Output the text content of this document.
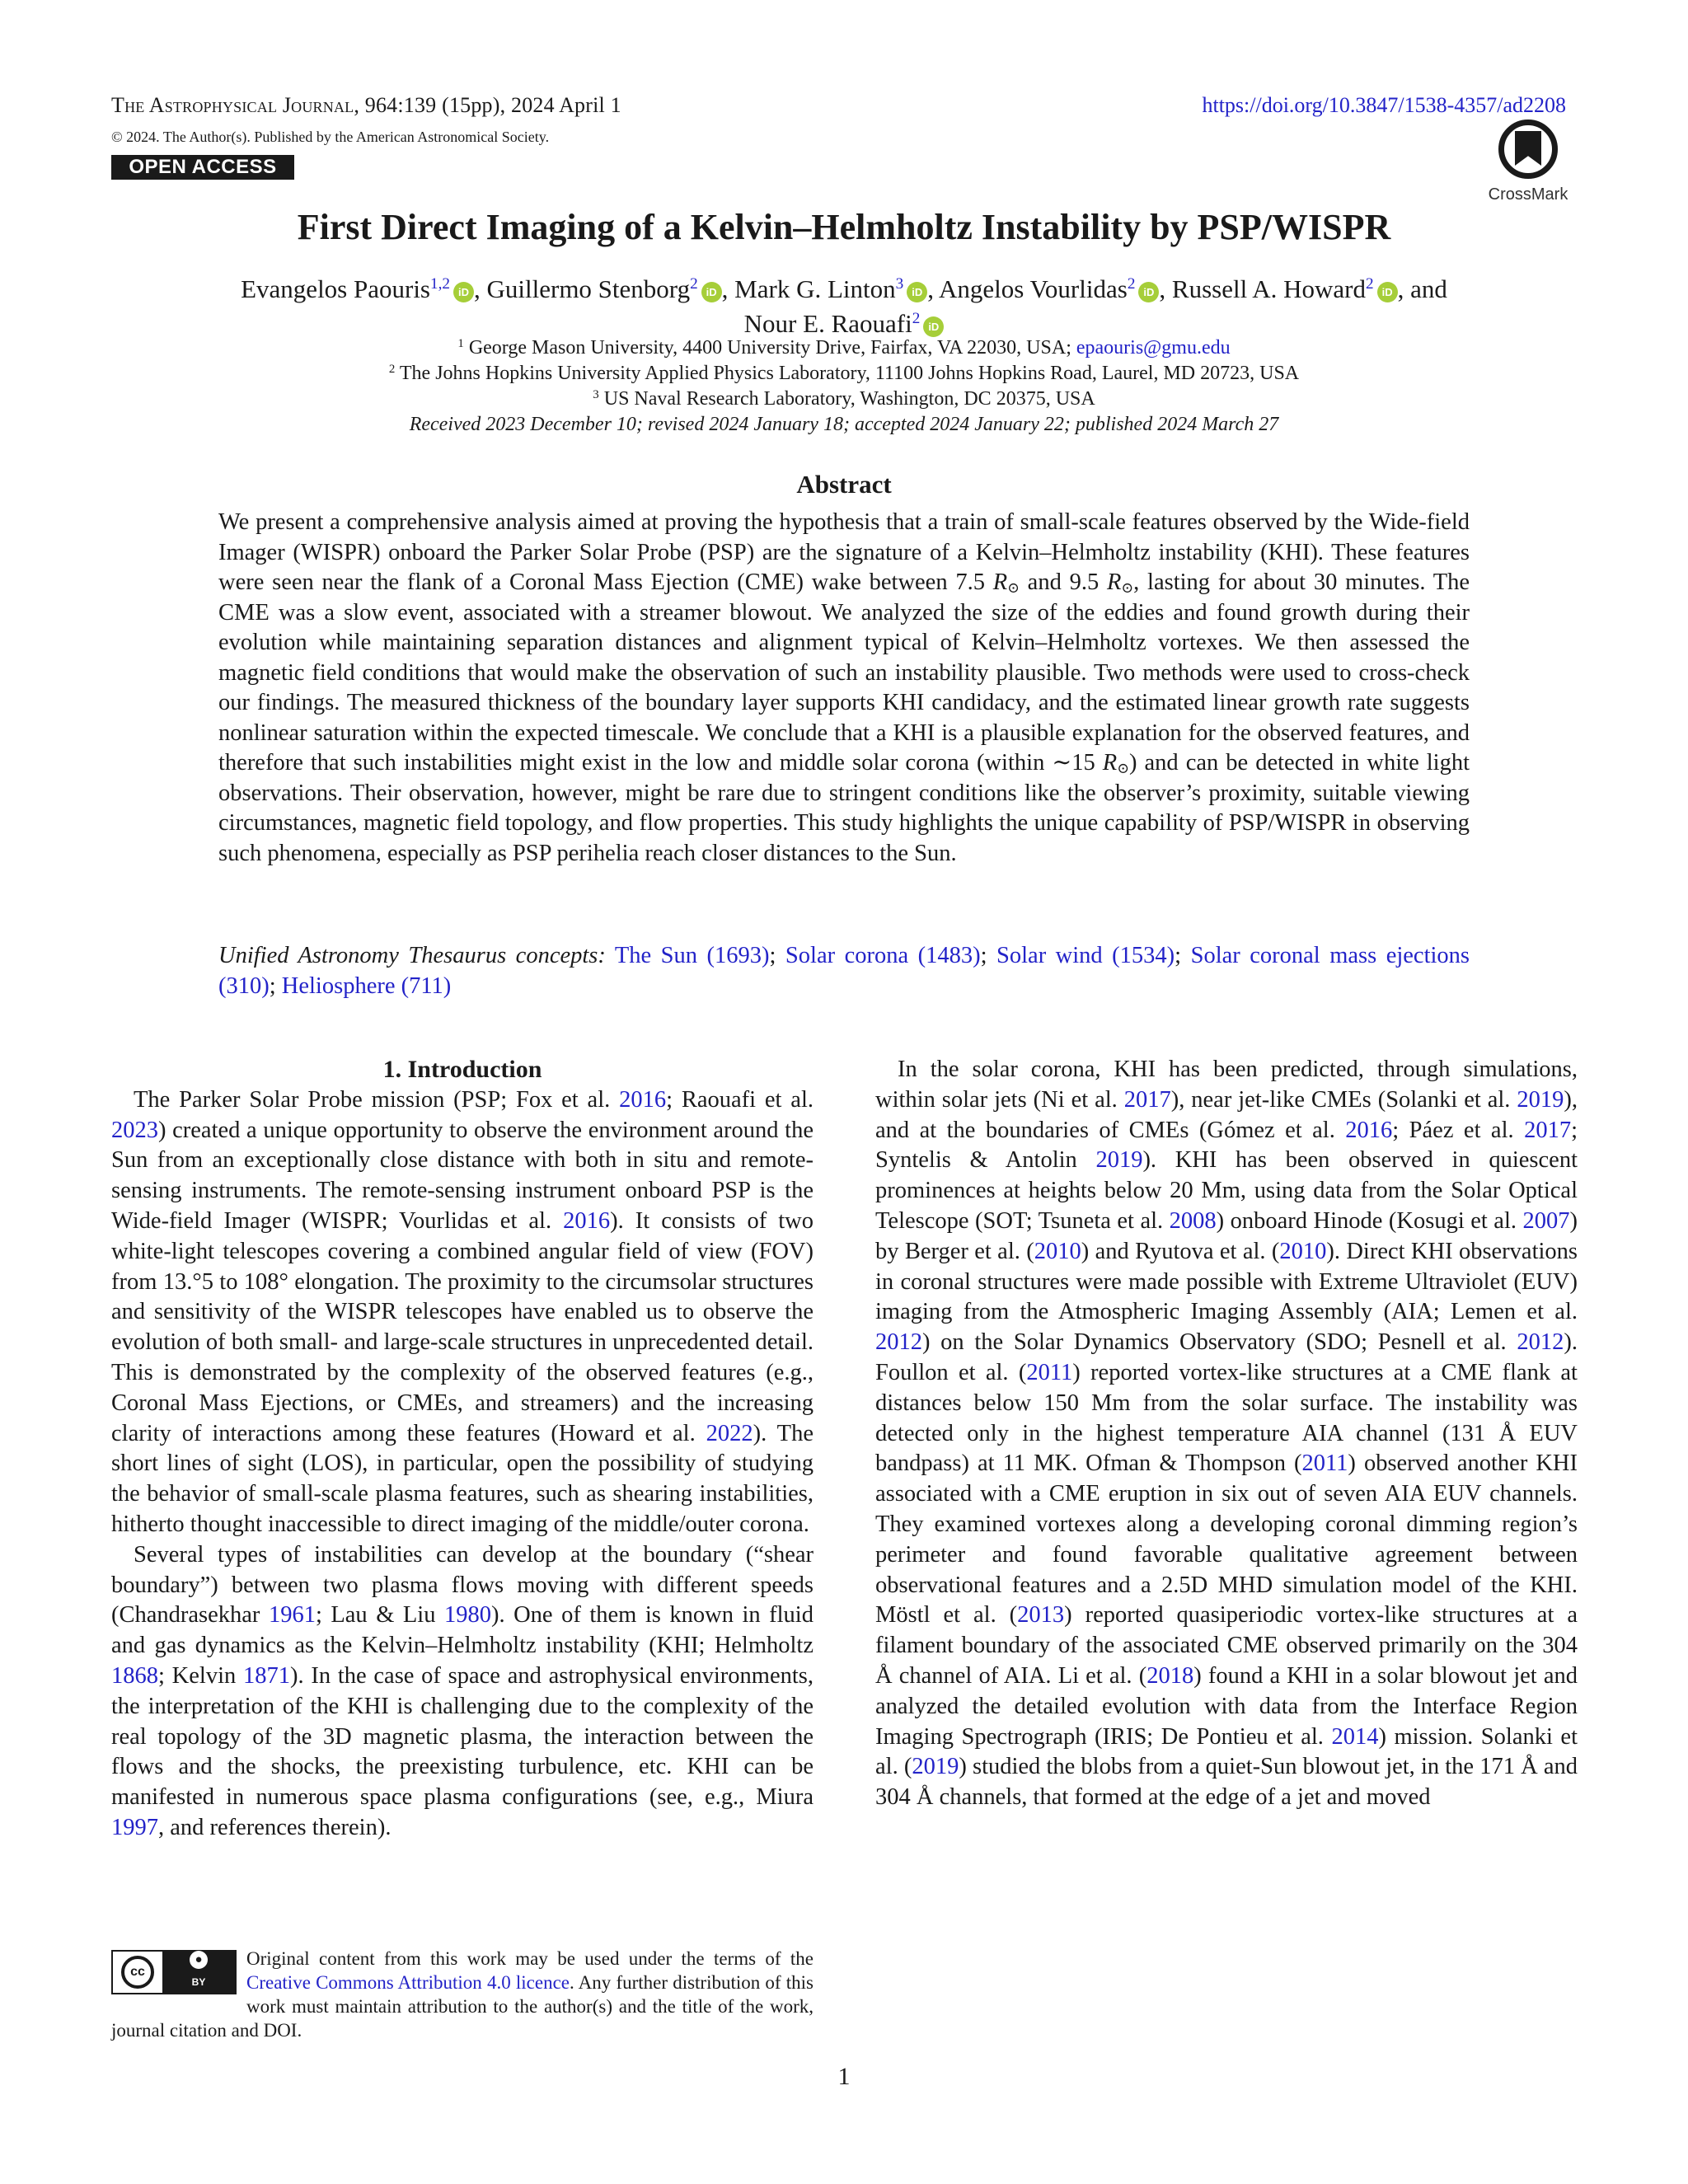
The Astrophysical Journal, 964:139 (15pp), 2024 April 1	https://doi.org/10.3847/1538-4357/ad2208
© 2024. The Author(s). Published by the American Astronomical Society.
OPEN ACCESS
CrossMark
First Direct Imaging of a Kelvin–Helmholtz Instability by PSP/WISPR
Evangelos Paouris$^{1,2}$ iD , Guillermo Stenborg$^2$ iD , Mark G. Linton$^3$ iD , Angelos Vourlidas$^2$ iD , Russell A. Howard$^2$ iD , and
Nour E. Raouafi$^2$ iD
$^1$ George Mason University, 4400 University Drive, Fairfax, VA 22030, USA; epaouris@gmu.edu
$^2$ The Johns Hopkins University Applied Physics Laboratory, 11100 Johns Hopkins Road, Laurel, MD 20723, USA
$^3$ US Naval Research Laboratory, Washington, DC 20375, USA
Received 2023 December 10; revised 2024 January 18; accepted 2024 January 22; published 2024 March 27
Abstract
We present a comprehensive analysis aimed at proving the hypothesis that a train of small-scale features observed by the Wide-field Imager (WISPR) onboard the Parker Solar Probe (PSP) are the signature of a Kelvin–Helmholtz instability (KHI). These features were seen near the flank of a Coronal Mass Ejection (CME) wake between 7.5 $R_⊙$ and 9.5 $R_⊙$, lasting for about 30 minutes. The CME was a slow event, associated with a streamer blowout. We analyzed the size of the eddies and found growth during their evolution while maintaining separation distances and alignment typical of Kelvin–Helmholtz vortexes. We then assessed the magnetic field conditions that would make the observation of such an instability plausible. Two methods were used to cross-check our findings. The measured thickness of the boundary layer supports KHI candidacy, and the estimated linear growth rate suggests nonlinear saturation within the expected timescale. We conclude that a KHI is a plausible explanation for the observed features, and therefore that such instabilities might exist in the low and middle solar corona (within ∼15 $R_⊙$) and can be detected in white light observations. Their observation, however, might be rare due to stringent conditions like the observer’s proximity, suitable viewing circumstances, magnetic field topology, and flow properties. This study highlights the unique capability of PSP/WISPR in observing such phenomena, especially as PSP perihelia reach closer distances to the Sun.
Unified Astronomy Thesaurus concepts: The Sun (1693); Solar corona (1483); Solar wind (1534); Solar coronal mass ejections (310); Heliosphere (711)

1. Introduction

The Parker Solar Probe mission (PSP; Fox et al. 2016; Raouafi et al. 2023) created a unique opportunity to observe the environment around the Sun from an exceptionally close distance with both in situ and remote-sensing instruments. The remote-sensing instrument onboard PSP is the Wide-field Imager (WISPR; Vourlidas et al. 2016). It consists of two white-light telescopes covering a combined angular field of view (FOV) from 13.°5 to 108° elongation. The proximity to the circumsolar structures and sensitivity of the WISPR telescopes have enabled us to observe the evolution of both small- and large-scale structures in unprecedented detail. This is demonstrated by the complexity of the observed features (e.g., Coronal Mass Ejections, or CMEs, and streamers) and the increasing clarity of interactions among these features (Howard et al. 2022). The short lines of sight (LOS), in particular, open the possibility of studying the behavior of small-scale plasma features, such as shearing instabilities, hitherto thought inaccessible to direct imaging of the middle/outer corona.

Several types of instabilities can develop at the boundary (“shear boundary”) between two plasma flows moving with different speeds (Chandrasekhar 1961; Lau & Liu 1980). One of them is known in fluid and gas dynamics as the Kelvin–Helmholtz instability (KHI; Helmholtz 1868; Kelvin 1871). In the case of space and astrophysical environments, the interpretation of the KHI is challenging due to the complexity of the real topology of the 3D magnetic plasma, the interaction between the flows and the shocks, the preexisting turbulence, etc. KHI can be manifested in numerous space plasma configurations (see, e.g., Miura 1997, and references therein).

In the solar corona, KHI has been predicted, through simulations, within solar jets (Ni et al. 2017), near jet-like CMEs (Solanki et al. 2019), and at the boundaries of CMEs (Gómez et al. 2016; Páez et al. 2017; Syntelis & Antolin 2019). KHI has been observed in quiescent prominences at heights below 20 Mm, using data from the Solar Optical Telescope (SOT; Tsuneta et al. 2008) onboard Hinode (Kosugi et al. 2007) by Berger et al. (2010) and Ryutova et al. (2010). Direct KHI observations in coronal structures were made possible with Extreme Ultraviolet (EUV) imaging from the Atmospheric Imaging Assembly (AIA; Lemen et al. 2012) on the Solar Dynamics Observatory (SDO; Pesnell et al. 2012). Foullon et al. (2011) reported vortex-like structures at a CME flank at distances below 150 Mm from the solar surface. The instability was detected only in the highest temperature AIA channel (131 Å EUV bandpass) at 11 MK. Ofman & Thompson (2011) observed another KHI associated with a CME eruption in six out of seven AIA EUV channels. They examined vortexes along a developing coronal dimming region’s perimeter and found favorable qualitative agreement between observational features and a 2.5D MHD simulation model of the KHI. Möstl et al. (2013) reported quasiperiodic vortex-like structures at a filament boundary of the associated CME observed primarily on the 304 Å channel of AIA. Li et al. (2018) found a KHI in a solar blowout jet and analyzed the detailed evolution with data from the Interface Region Imaging Spectrograph (IRIS; De Pontieu et al. 2014) mission. Solanki et al. (2019) studied the blobs from a quiet-Sun blowout jet, in the 171 Å and 304 Å channels, that formed at the edge of a jet and moved

cc
●
BY
Original content from this work may be used under the terms of the Creative Commons Attribution 4.0 licence. Any further distribution of this work must maintain attribution to the author(s) and the title of the work, journal citation and DOI.
1
